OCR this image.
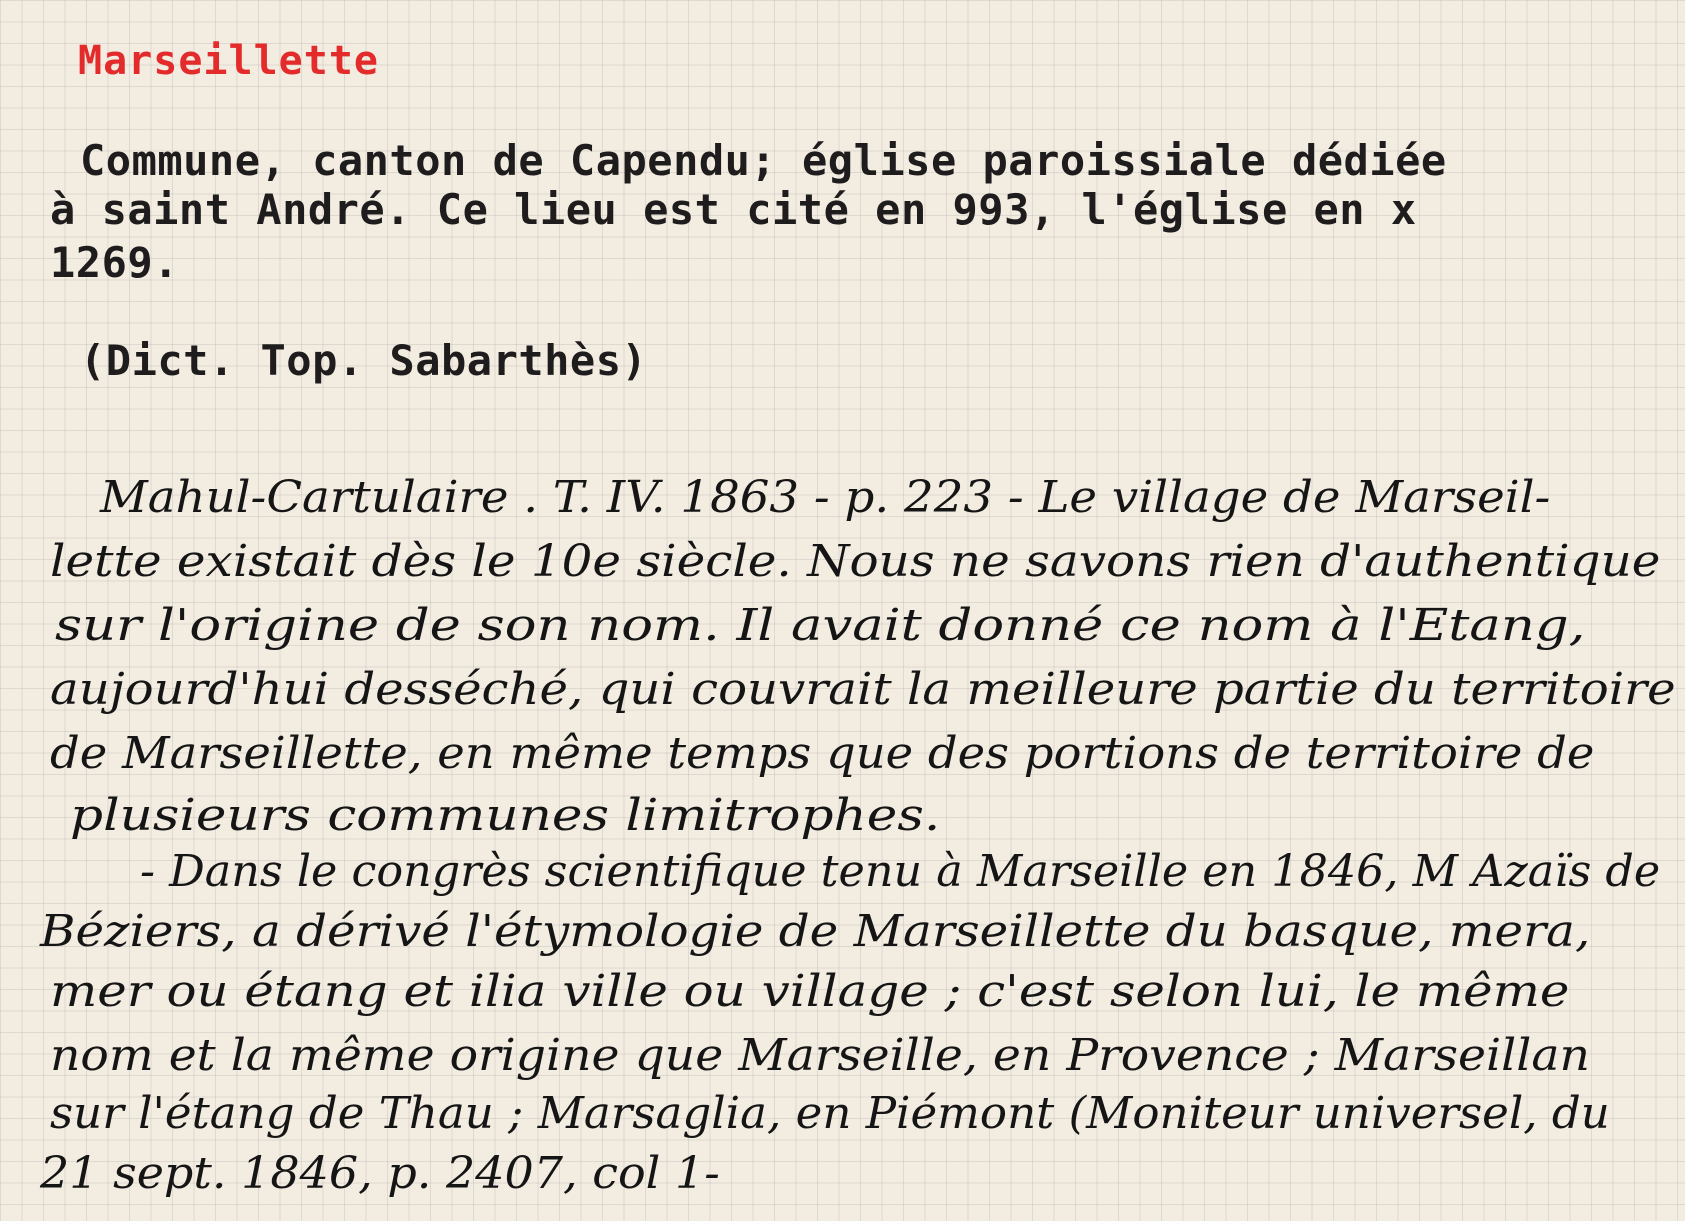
Marseillette
Commune, canton de Capendu; église paroissiale dédiée
à saint André. Ce lieu est cité en 993, l'église en x
1269.
(Dict. Top. Sabarthès)
Mahul-Cartulaire . T. IV. 1863 - p. 223 - Le village de Marseil-
lette existait dès le 10e siècle. Nous ne savons rien d'authentique
sur l'origine de son nom. Il avait donné ce nom à l'Etang,
aujourd'hui desséché, qui couvrait la meilleure partie du territoire
de Marseillette, en même temps que des portions de territoire de
plusieurs communes limitrophes.
- Dans le congrès scientifique tenu à Marseille en 1846, M Azaïs de
Béziers, a dérivé l'étymologie de Marseillette du basque, mera,
mer ou étang et ilia ville ou village ; c'est selon lui, le même
nom et la même origine que Marseille, en Provence ; Marseillan
sur l'étang de Thau ; Marsaglia, en Piémont (Moniteur universel, du
21 sept. 1846, p. 2407, col 1-
